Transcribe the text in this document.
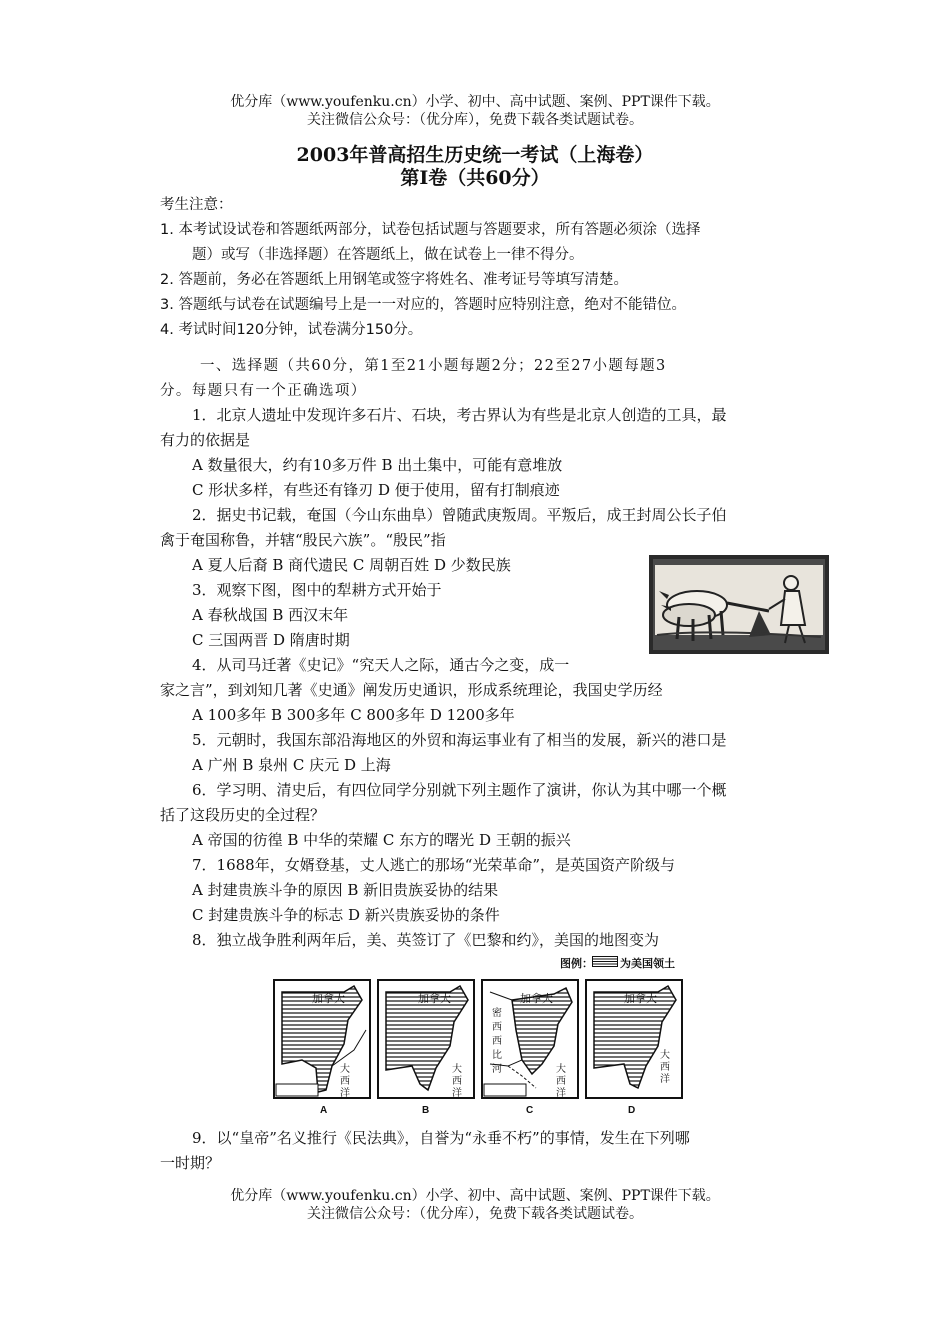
优分库（www.youfenku.cn）小学、初中、高中试题、案例、PPT课件下载。
关注微信公众号：（优分库），免费下载各类试题试卷。
2003年普高招生历史统一考试（上海卷）
第Ⅰ卷（共60分）
考生注意：
1. 本考试设试卷和答题纸两部分，试卷包括试题与答题要求，所有答题必须涂（选择
题）或写（非选择题）在答题纸上，做在试卷上一律不得分。
2. 答题前，务必在答题纸上用钢笔或签字将姓名、准考证号等填写清楚。
3. 答题纸与试卷在试题编号上是一一对应的，答题时应特别注意，绝对不能错位。
4. 考试时间120分钟，试卷满分150分。
一、选择题（共60分，第1至21小题每题2分；22至27小题每题3
分。每题只有一个正确选项）
1．北京人遗址中发现许多石片、石块，考古界认为有些是北京人创造的工具，最
有力的依据是
A 数量很大，约有10多万件 B 出土集中，可能有意堆放
C 形状多样，有些还有锋刃 D 便于使用，留有打制痕迹
2．据史书记载，奄国（今山东曲阜）曾随武庚叛周。平叛后，成王封周公长子伯
禽于奄国称鲁，并辖“殷民六族”。“殷民”指
A 夏人后裔 B 商代遗民 C 周朝百姓 D 少数民族
3．观察下图，图中的犁耕方式开始于
A 春秋战国 B 西汉末年
C 三国两晋 D 隋唐时期
4．从司马迁著《史记》“究天人之际，通古今之变，成一
家之言”，到刘知几著《史通》阐发历史通识，形成系统理论，我国史学历经
A 100多年 B 300多年 C 800多年 D 1200多年
5．元朝时，我国东部沿海地区的外贸和海运事业有了相当的发展，新兴的港口是
A 广州 B 泉州 C 庆元 D 上海
6．学习明、清史后，有四位同学分别就下列主题作了演讲，你认为其中哪一个概
括了这段历史的全过程？
A 帝国的彷徨 B 中华的荣耀 C 东方的曙光 D 王朝的振兴
7．1688年，女婿登基，丈人逃亡的那场“光荣革命”，是英国资产阶级与
A 封建贵族斗争的原因 B 新旧贵族妥协的结果
C 封建贵族斗争的标志 D 新兴贵族妥协的条件
8．独立战争胜利两年后，美、英签订了《巴黎和约》，美国的地图变为
图例： 为美国领土
加拿大
大
西
洋
加拿大
大
西
洋
加拿大
密
西
西
比
河	大
西
洋
加拿大
大
西
洋
A	B	C	D
9．以“皇帝”名义推行《民法典》，自誉为“永垂不朽”的事情，发生在下列哪
一时期？
优分库（www.youfenku.cn）小学、初中、高中试题、案例、PPT课件下载。
关注微信公众号：（优分库），免费下载各类试题试卷。
